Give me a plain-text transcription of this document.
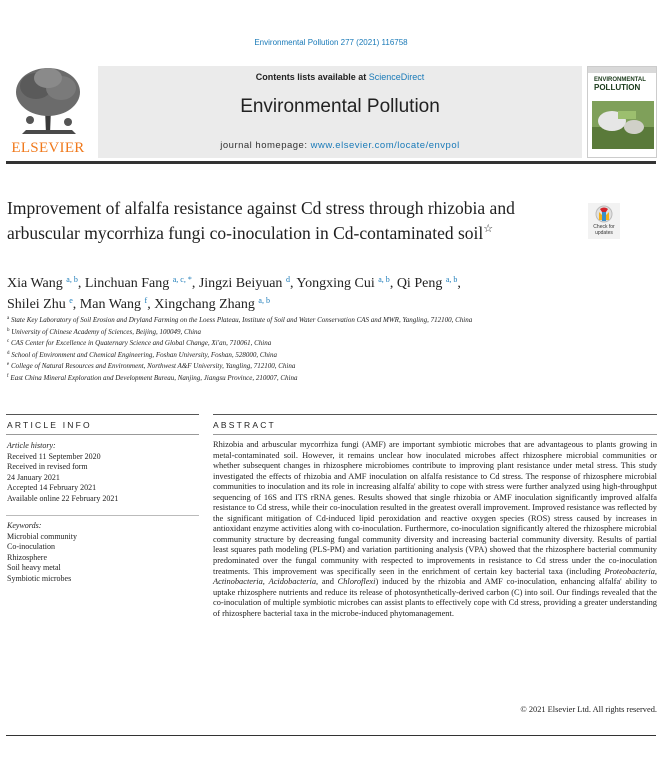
Environmental Pollution 277 (2021) 116758
ELSEVIER
Contents lists available at ScienceDirect
Environmental Pollution
journal homepage: www.elsevier.com/locate/envpol
ENVIRONMENTAL
POLLUTION
Improvement of alfalfa resistance against Cd stress through rhizobia and arbuscular mycorrhiza fungi co-inoculation in Cd-contaminated soil☆	Check for
updates
Xia Wang $^{a, b}$, Linchuan Fang $^{a, c, *}$, Jingzi Beiyuan $^d$, Yongxing Cui $^{a, b}$, Qi Peng $^{a, b}$,
Shilei Zhu $^e$, Man Wang $^f$, Xingchang Zhang $^{a, b}$
$^a$ State Key Laboratory of Soil Erosion and Dryland Farming on the Loess Plateau, Institute of Soil and Water Conservation CAS and MWR, Yangling, 712100, China
$^b$ University of Chinese Academy of Sciences, Beijing, 100049, China
$^c$ CAS Center for Excellence in Quaternary Science and Global Change, Xi'an, 710061, China
$^d$ School of Environment and Chemical Engineering, Foshan University, Foshan, 528000, China
$^e$ College of Natural Resources and Environment, Northwest A&F University, Yangling, 712100, China
$^f$ East China Mineral Exploration and Development Bureau, Nanjing, Jiangsu Province, 210007, China
ARTICLE INFO	ABSTRACT
Article history:
Received 11 September 2020
Received in revised form
24 January 2021
Accepted 14 February 2021
Available online 22 February 2021
Keywords:
Microbial community
Co-inoculation
Rhizosphere
Soil heavy metal
Symbiotic microbes
Rhizobia and arbuscular mycorrhiza fungi (AMF) are important symbiotic microbes that are advantageous to plants growing in metal-contaminated soil. However, it remains unclear how inoculated microbes affect rhizosphere microbial communities or whether subsequent changes in rhizosphere microbiomes contribute to improving plant resistance under metal stress. This study investigated the effects of rhizobia and AMF inoculation on alfalfa resistance to Cd stress. The response of rhizosphere microbial communities to inoculation and its role in increasing alfalfa' ability to cope with stress were further analyzed using high-throughput sequencing of 16S and ITS rRNA genes. Results showed that single rhizobia or AMF inoculation significantly improved alfalfa resistance to Cd stress, while their co-inoculation resulted in the greatest overall improvement. Improved resistance was reflected by the significant mitigation of Cd-induced lipid peroxidation and reactive oxygen species (ROS) stress caused by increases in antioxidant enzyme activities along with co-inoculation. Furthermore, co-inoculation significantly altered the rhizosphere microbial community structure by decreasing fungal community diversity and increasing bacterial community diversity. Results of partial least squares path modeling (PLS-PM) and variation partitioning analysis (VPA) showed that the rhizosphere bacterial community predominated over the fungal community with respected to improvements in resistance to Cd stress under the co-inoculation treatments. This improvement was specifically seen in the enrichment of certain key bacterial taxa (including Proteobacteria, Actinobacteria, Acidobacteria, and Chloroflexi) induced by the rhizobia and AMF co-inoculation, enhancing alfalfa' ability to uptake rhizosphere nutrients and reduce its release of photosynthetically-derived carbon (C) into soil. Our findings revealed that the co-inoculation of multiple symbiotic microbes can assist plants to effectively cope with Cd stress, providing a greater understanding of rhizosphere bacterial taxa in the microbe-induced phytomanagement.
© 2021 Elsevier Ltd. All rights reserved.
